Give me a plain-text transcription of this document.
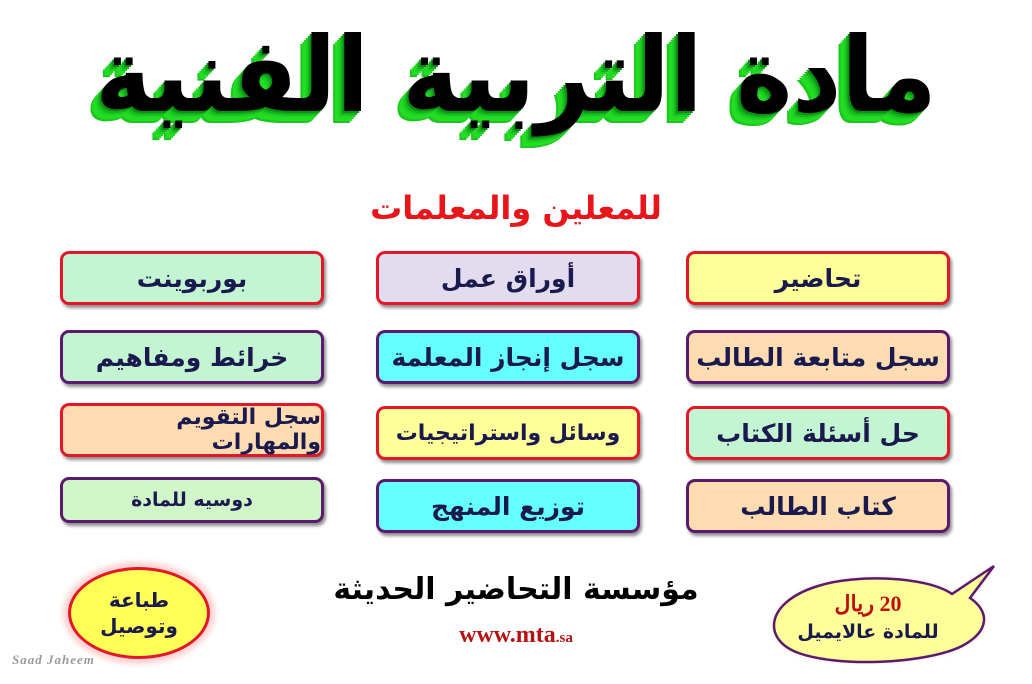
مادة التربية الفنية
للمعلين والمعلمات
تحاضير
أوراق عمل
بوربوينت
سجل متابعة الطالب
سجل إنجاز المعلمة
خرائط ومفاهيم
حل أسئلة الكتاب
وسائل واستراتيجيات
سجل التقويم والمهارات
كتاب الطالب
توزيع المنهج
دوسيه للمادة
طباعة
وتوصيل
مؤسسة التحاضير الحديثة
www.mta.sa
20 ريال
للمادة عالايميل
Saad Jaheem
